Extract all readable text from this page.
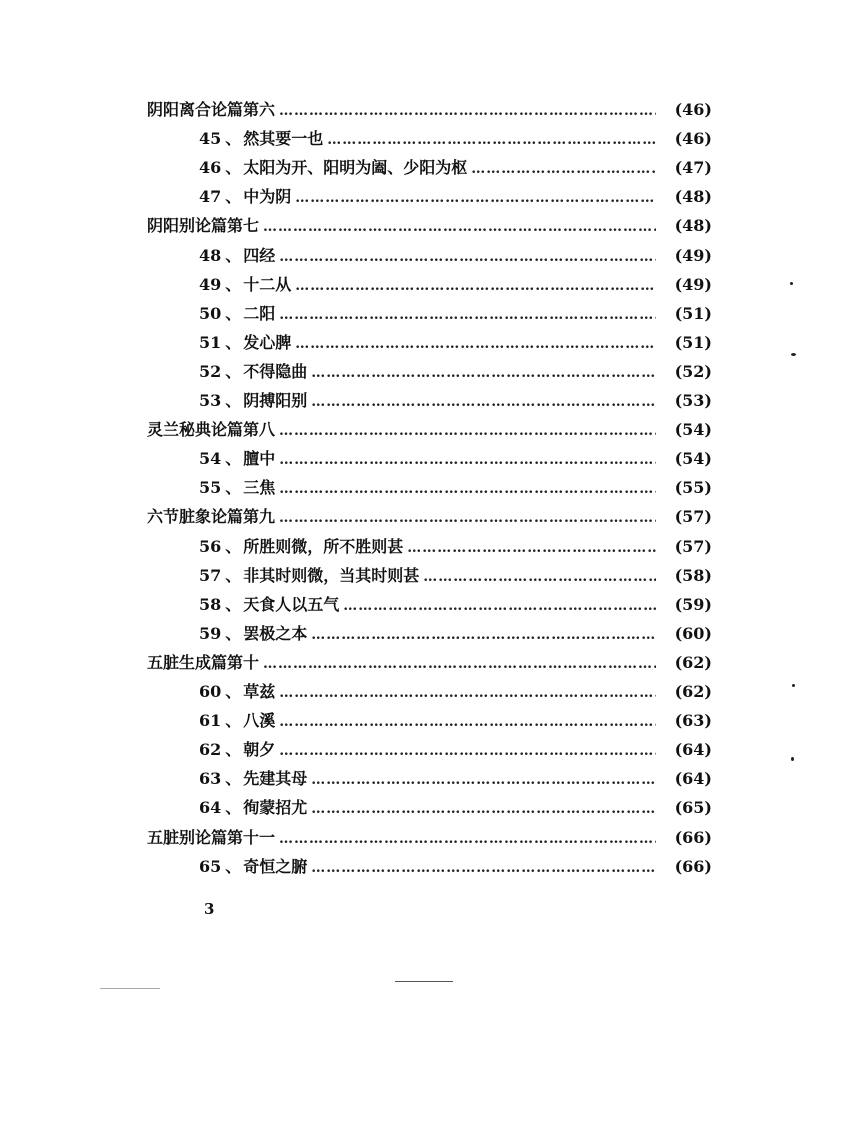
阴阳离合论篇第六 ………………………………………………………………………………………………………………………………………………………………	(46)
45 、 然其要一也 ………………………………………………………………………………………………………………………………………………………………	(46)
46 、 太阳为开、阳明为阖、少阳为枢 ………………………………………………………………………………………………………………………………………………………………	(47)
47 、 中为阴 ………………………………………………………………………………………………………………………………………………………………	(48)
阴阳别论篇第七 ………………………………………………………………………………………………………………………………………………………………	(48)
48 、 四经 ………………………………………………………………………………………………………………………………………………………………	(49)
49 、 十二从 ………………………………………………………………………………………………………………………………………………………………	(49)
50 、 二阳 ………………………………………………………………………………………………………………………………………………………………	(51)
51 、 发心脾 ………………………………………………………………………………………………………………………………………………………………	(51)
52 、 不得隐曲 ………………………………………………………………………………………………………………………………………………………………	(52)
53 、 阴搏阳别 ………………………………………………………………………………………………………………………………………………………………	(53)
灵兰秘典论篇第八 ………………………………………………………………………………………………………………………………………………………………	(54)
54 、 膻中 ………………………………………………………………………………………………………………………………………………………………	(54)
55 、 三焦 ………………………………………………………………………………………………………………………………………………………………	(55)
六节脏象论篇第九 ………………………………………………………………………………………………………………………………………………………………	(57)
56 、 所胜则微，所不胜则甚 ………………………………………………………………………………………………………………………………………………………………	(57)
57 、 非其时则微，当其时则甚 ………………………………………………………………………………………………………………………………………………………………	(58)
58 、 天食人以五气 ………………………………………………………………………………………………………………………………………………………………	(59)
59 、 罢极之本 ………………………………………………………………………………………………………………………………………………………………	(60)
五脏生成篇第十 ………………………………………………………………………………………………………………………………………………………………	(62)
60 、 草兹 ………………………………………………………………………………………………………………………………………………………………	(62)
61 、 八溪 ………………………………………………………………………………………………………………………………………………………………	(63)
62 、 朝夕 ………………………………………………………………………………………………………………………………………………………………	(64)
63 、 先建其母 ………………………………………………………………………………………………………………………………………………………………	(64)
64 、 徇蒙招尤 ………………………………………………………………………………………………………………………………………………………………	(65)
五脏别论篇第十一 ………………………………………………………………………………………………………………………………………………………………	(66)
65 、 奇恒之腑 ………………………………………………………………………………………………………………………………………………………………	(66)
3
